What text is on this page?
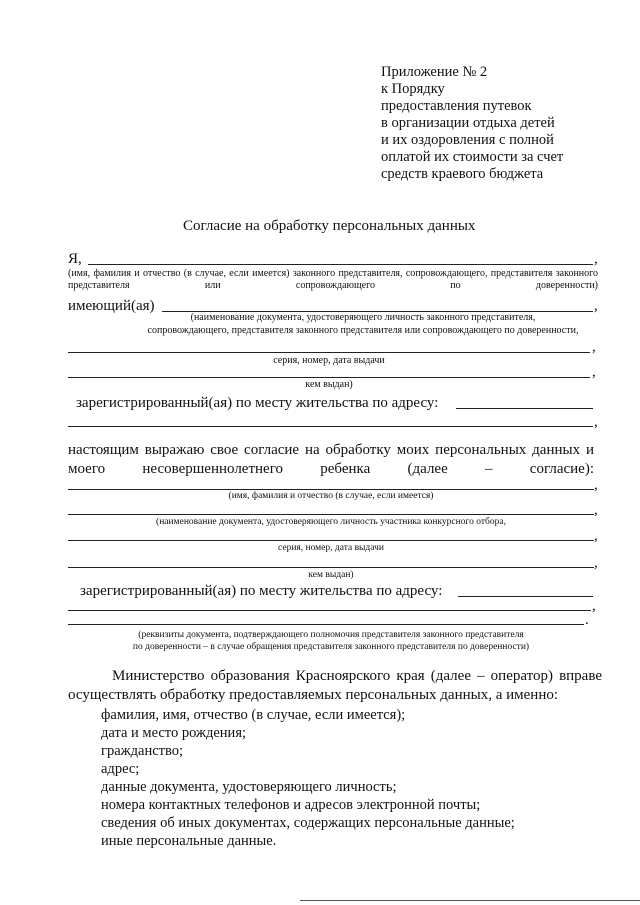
Приложение № 2
к Порядку
предоставления путевок
в организации отдыха детей
и их оздоровления с полной
оплатой их стоимости за счет
средств краевого бюджета
Согласие на обработку персональных данных
Я,	,
(имя, фамилия и отчество (в случае, если имеется) законного представителя, сопровождающего, представителя законного представителя или сопровождающего по доверенности)
имеющий(ая)	,
(наименование документа, удостоверяющего личность законного представителя,
сопровождающего, представителя законного представителя или сопровождающего по доверенности,
,
серия, номер, дата выдачи
,
кем выдан)
зарегистрированный(ая) по месту жительства по адресу:
,
настоящим выражаю свое согласие на обработку моих персональных данных и моего несовершеннолетнего ребенка (далее – согласие):
,
(имя, фамилия и отчество (в случае, если имеется)
,
(наименование документа, удостоверяющего личность участника конкурсного отбора,
,
серия, номер, дата выдачи
,
кем выдан)
зарегистрированный(ая) по месту жительства по адресу:
,
.
(реквизиты документа, подтверждающего полномочия представителя законного представителя
по доверенности – в случае обращения представителя законного представителя по доверенности)
Министерство образования Красноярского края (далее – оператор) вправе осуществлять обработку предоставляемых персональных данных, а именно:
фамилия, имя, отчество (в случае, если имеется);
дата и место рождения;
гражданство;
адрес;
данные документа, удостоверяющего личность;
номера контактных телефонов и адресов электронной почты;
сведения об иных документах, содержащих персональные данные;
иные персональные данные.
